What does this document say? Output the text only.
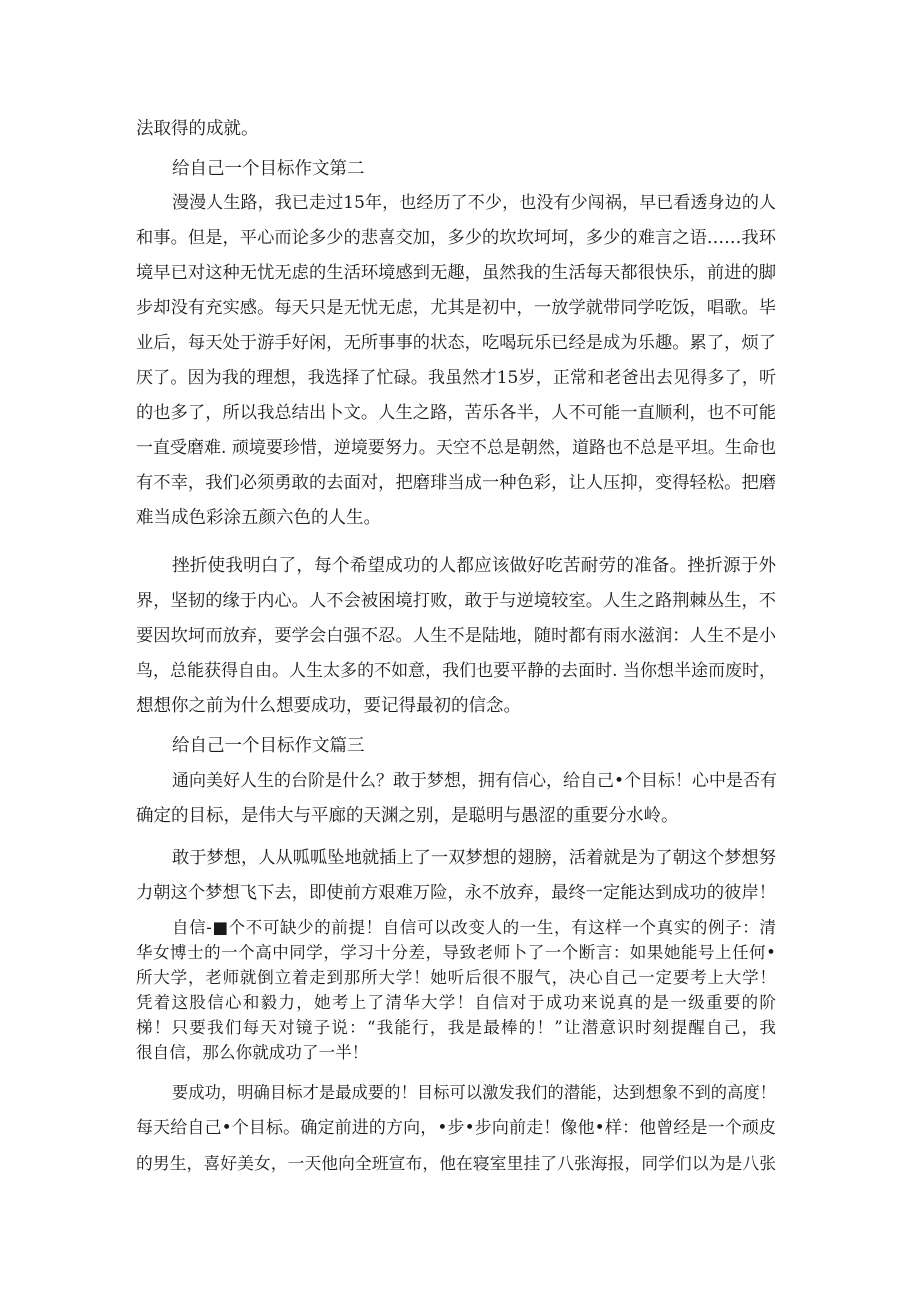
法取得的成就。
给自己一个目标作文第二
漫漫人生路，我已走过15年，也经历了不少，也没有少闯祸，早已看透身边的人
和事。但是，平心而论多少的悲喜交加，多少的坎坎坷坷，多少的难言之语……我环
境早已对这种无忧无虑的生活环境感到无趣，虽然我的生活每天都很快乐，前进的脚
步却没有充实感。每天只是无忧无虑，尤其是初中，一放学就带同学吃饭，唱歌。毕
业后，每天处于游手好闲，无所事事的状态，吃喝玩乐已经是成为乐趣。累了，烦了
厌了。因为我的理想，我选择了忙碌。我虽然才15岁，正常和老爸出去见得多了，听
的也多了，所以我总结出卜文。人生之路，苦乐各半，人不可能一直顺利，也不可能
一直受磨难. 顽境要珍惜，逆境要努力。天空不总是朝然，道路也不总是平坦。生命也
有不幸，我们必须勇敢的去面对，把磨琲当成一种色彩，让人压抑，变得轻松。把磨
难当成色彩涂五颜六色的人生。
挫折使我明白了，每个希望成功的人都应该做好吃苦耐劳的准备。挫折源于外
界，坚韧的缘于内心。人不会被困境打败，敢于与逆境较室。人生之路荆棘丛生，不
要因坎坷而放弃，要学会白强不忍。人生不是陆地，随时都有雨水滋润：人生不是小
鸟，总能获得自由。人生太多的不如意，我们也要平静的去面时. 当你想半途而废时，
想想你之前为什么想要成功，要记得最初的信念。
给自己一个目标作文篇三
通向美好人生的台阶是什么？敢于梦想，拥有信心，给自己•个目标！心中是否有
确定的目标，是伟大与平廊的天渊之别，是聪明与愚涩的重要分水岭。
敢于梦想，人从呱呱坠地就插上了一双梦想的翅膀，活着就是为了朝这个梦想努
力朝这个梦想飞下去，即使前方艰难万险，永不放弃，最终一定能达到成功的彼岸！
自信-■个不可缺少的前提！自信可以改变人的一生，有这样一个真实的例子：清
华女博士的一个高中同学，学习十分差，导致老师卜了一个断言：如果她能号上任何•
所大学，老师就倒立着走到那所大学！她听后很不服气，决心自己一定要考上大学！
凭着这股信心和毅力，她考上了清华大学！自信对于成功来说真的是一级重要的阶
梯！只要我们每天对镜子说：“我能行，我是最棒的！”让潜意识时刻提醒自己，我
很自信，那么你就成功了一半！
要成功，明确目标才是最成要的！目标可以激发我们的潜能，达到想象不到的高度！
每天给自己•个目标。确定前进的方向，•步•步向前走！像他•样：他曾经是一个顽皮
的男生，喜好美女，一天他向全班宣布，他在寝室里挂了八张海报，同学们以为是八张
